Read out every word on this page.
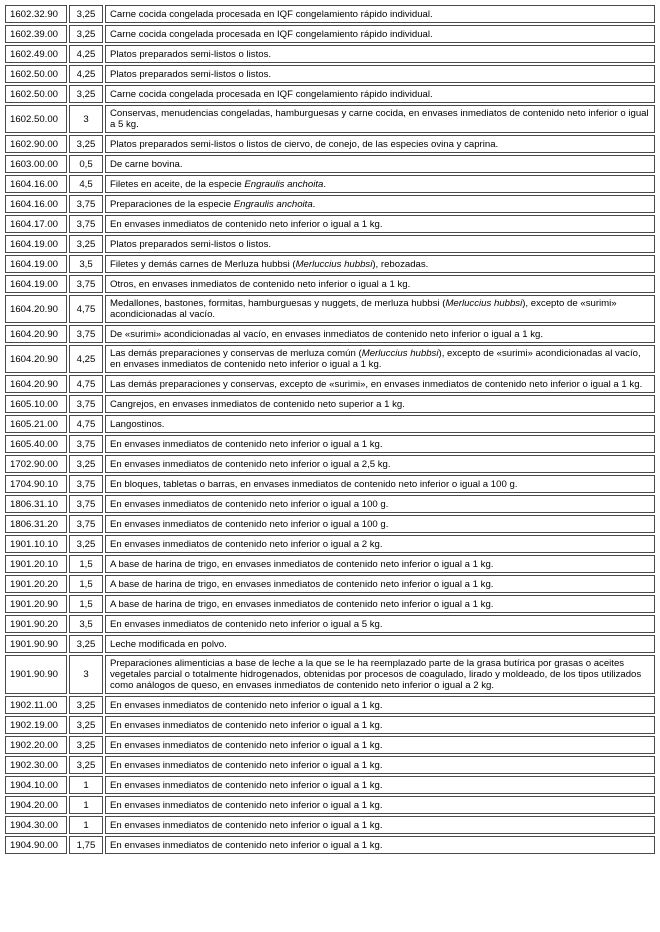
1602.32.90	3,25	Carne cocida congelada procesada en IQF congelamiento rápido individual.
1602.39.00	3,25	Carne cocida congelada procesada en IQF congelamiento rápido individual.
1602.49.00	4,25	Platos preparados semi-listos o listos.
1602.50.00	4,25	Platos preparados semi-listos o listos.
1602.50.00	3,25	Carne cocida congelada procesada en IQF congelamiento rápido individual.
1602.50.00	3	Conservas, menudencias congeladas, hamburguesas y carne cocida, en envases inmediatos de contenido neto inferior o igual a 5 kg.
1602.90.00	3,25	Platos preparados semi-listos o listos de ciervo, de conejo, de las especies ovina y caprina.
1603.00.00	0,5	De carne bovina.
1604.16.00	4,5	Filetes en aceite, de la especie Engraulis anchoita.
1604.16.00	3,75	Preparaciones de la especie Engraulis anchoita.
1604.17.00	3,75	En envases inmediatos de contenido neto inferior o igual a 1 kg.
1604.19.00	3,25	Platos preparados semi-listos o listos.
1604.19.00	3,5	Filetes y demás carnes de Merluza hubbsi (Merluccius hubbsi), rebozadas.
1604.19.00	3,75	Otros, en envases inmediatos de contenido neto inferior o igual a 1 kg.
1604.20.90	4,75	Medallones, bastones, formitas, hamburguesas y nuggets, de merluza hubbsi (Merluccius hubbsi), excepto de «surimi» acondicionadas al vacío.
1604.20.90	3,75	De «surimi» acondicionadas al vacío, en envases inmediatos de contenido neto inferior o igual a 1 kg.
1604.20.90	4,25	Las demás preparaciones y conservas de merluza común (Merluccius hubbsi), excepto de «surimi» acondicionadas al vacío, en envases inmediatos de contenido neto inferior o igual a 1 kg.
1604.20.90	4,75	Las demás preparaciones y conservas, excepto de «surimi», en envases inmediatos de contenido neto inferior o igual a 1 kg.
1605.10.00	3,75	Cangrejos, en envases inmediatos de contenido neto superior a 1 kg.
1605.21.00	4,75	Langostinos.
1605.40.00	3,75	En envases inmediatos de contenido neto inferior o igual a 1 kg.
1702.90.00	3,25	En envases inmediatos de contenido neto inferior o igual a 2,5 kg.
1704.90.10	3,75	En bloques, tabletas o barras, en envases inmediatos de contenido neto inferior o igual a 100 g.
1806.31.10	3,75	En envases inmediatos de contenido neto inferior o igual a 100 g.
1806.31.20	3,75	En envases inmediatos de contenido neto inferior o igual a 100 g.
1901.10.10	3,25	En envases inmediatos de contenido neto inferior o igual a 2 kg.
1901.20.10	1,5	A base de harina de trigo, en envases inmediatos de contenido neto inferior o igual a 1 kg.
1901.20.20	1,5	A base de harina de trigo, en envases inmediatos de contenido neto inferior o igual a 1 kg.
1901.20.90	1,5	A base de harina de trigo, en envases inmediatos de contenido neto inferior o igual a 1 kg.
1901.90.20	3,5	En envases inmediatos de contenido neto inferior o igual a 5 kg.
1901.90.90	3,25	Leche modificada en polvo.
1901.90.90	3	Preparaciones alimenticias a base de leche a la que se le ha reemplazado parte de la grasa butírica por grasas o aceites vegetales parcial o totalmente hidrogenados, obtenidas por procesos de coagulado, lirado y moldeado, de los tipos utilizados como análogos de queso, en envases inmediatos de contenido neto inferior o igual a 2 kg.
1902.11.00	3,25	En envases inmediatos de contenido neto inferior o igual a 1 kg.
1902.19.00	3,25	En envases inmediatos de contenido neto inferior o igual a 1 kg.
1902.20.00	3,25	En envases inmediatos de contenido neto inferior o igual a 1 kg.
1902.30.00	3,25	En envases inmediatos de contenido neto inferior o igual a 1 kg.
1904.10.00	1	En envases inmediatos de contenido neto inferior o igual a 1 kg.
1904.20.00	1	En envases inmediatos de contenido neto inferior o igual a 1 kg.
1904.30.00	1	En envases inmediatos de contenido neto inferior o igual a 1 kg.
1904.90.00	1,75	En envases inmediatos de contenido neto inferior o igual a 1 kg.
